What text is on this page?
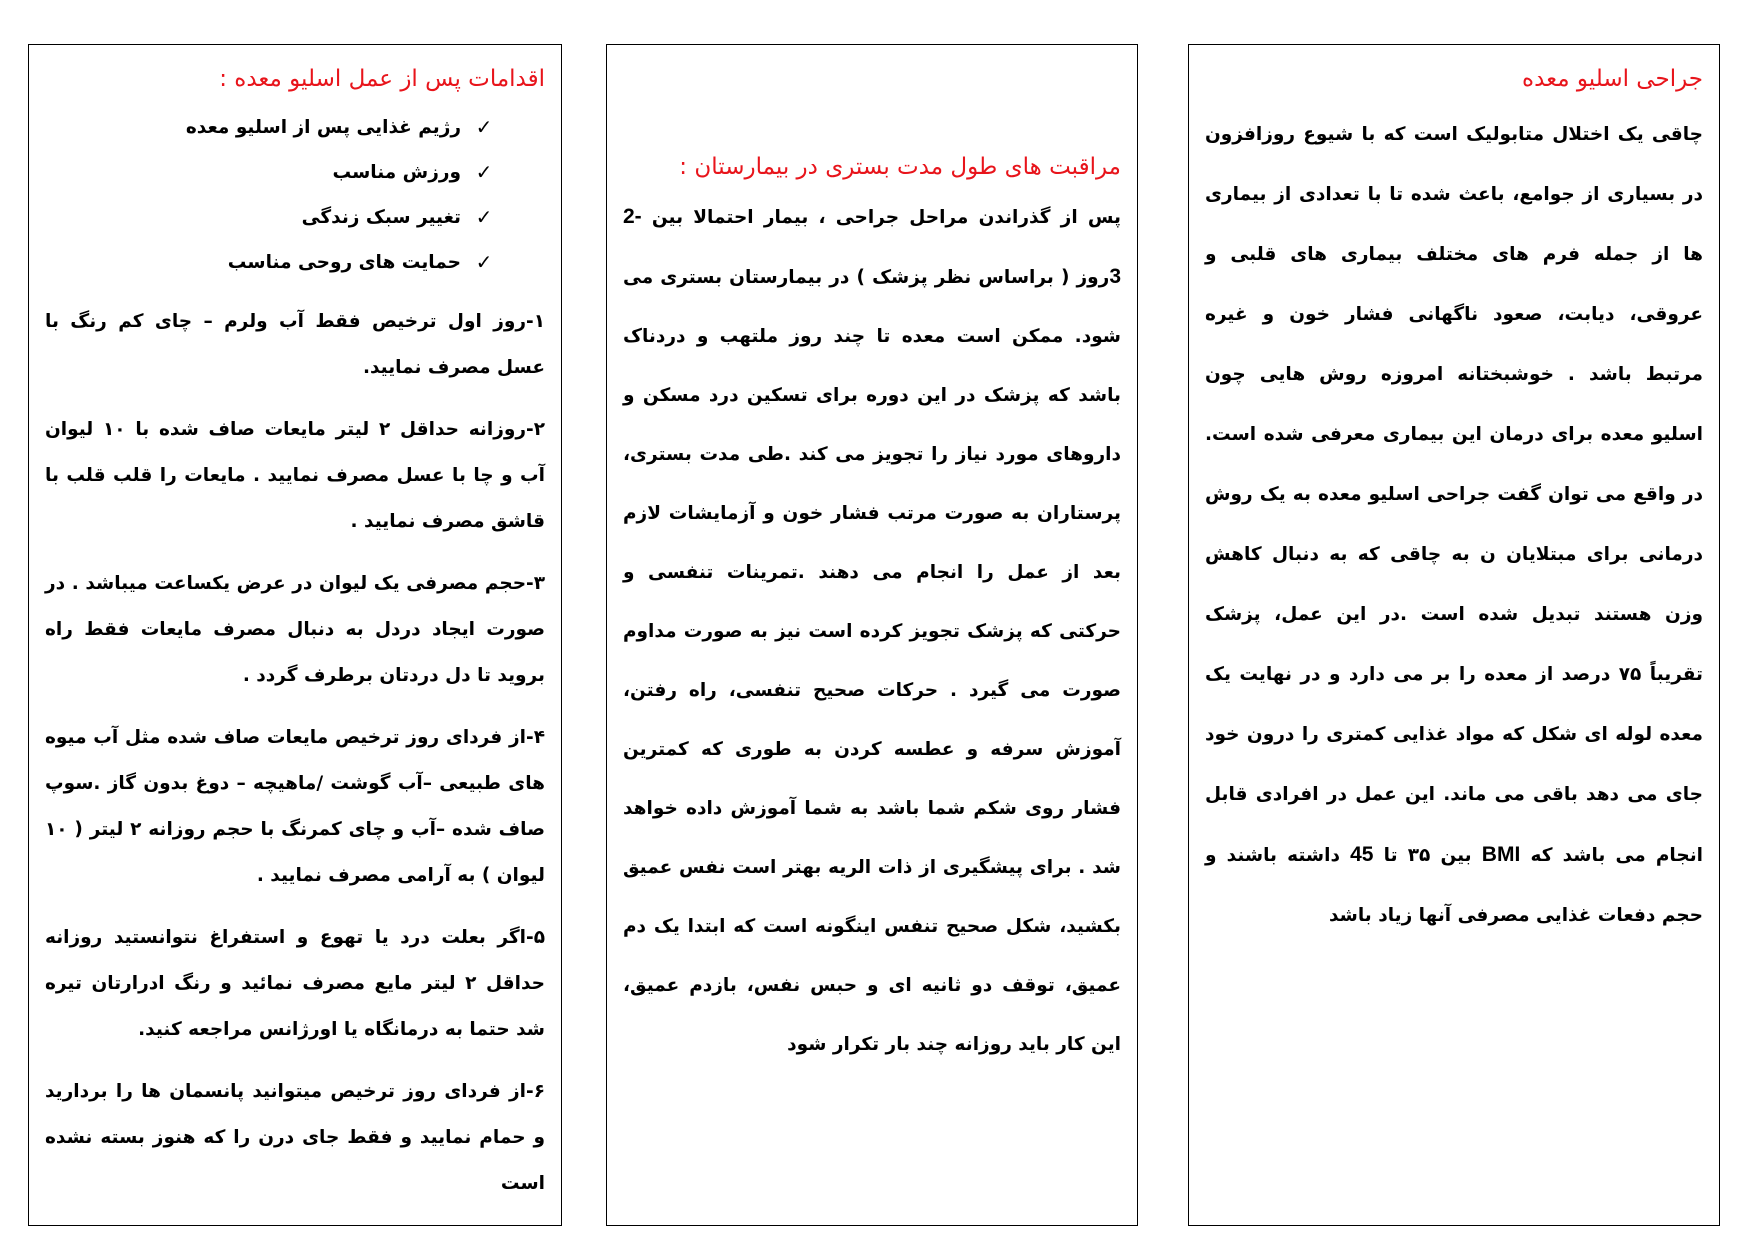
جراحی اسلیو معده

چاقی یک اختلال متابولیک است که با شیوع روزافزون در بسیاری از جوامع، باعث شده تا با تعدادی از بیماری ها از جمله فرم های مختلف بیماری های قلبی و عروقی، دیابت، صعود ناگهانی فشار خون و غیره مرتبط باشد . خوشبختانه امروزه روش هایی چون اسلیو معده برای درمان این بیماری معرفی شده است. در واقع می توان گفت جراحی اسلیو معده به یک روش درمانی برای مبتلایان ن به چاقی که به دنبال کاهش وزن هستند تبدیل شده است .در این عمل، پزشک تقریباً ۷۵ درصد از معده را بر می دارد و در نهایت یک معده لوله ای شکل که مواد غذایی کمتری را درون خود جای می دهد باقی می ماند. این عمل در افرادی قابل انجام می باشد که BMI بین ۳۵ تا 45 داشته باشند و حجم دفعات غذایی مصرفی آنها زیاد باشد

مراقبت های طول مدت بستری در بیمارستان :

پس از گذراندن مراحل جراحی ، بیمار احتمالا بین 2-3روز ( براساس نظر پزشک ) در بیمارستان بستری می شود. ممکن است معده تا چند روز ملتهب و دردناک باشد که پزشک در این دوره برای تسکین درد مسکن و داروهای مورد نیاز را تجویز می کند .طی مدت بستری، پرستاران به صورت مرتب فشار خون و آزمایشات لازم بعد از عمل را انجام می دهند .تمرینات تنفسی و حرکتی که پزشک تجویز کرده است نیز به صورت مداوم صورت می گیرد . حرکات صحیح تنفسی، راه رفتن، آموزش سرفه و عطسه کردن به طوری که کمترین فشار روی شکم شما باشد به شما آموزش داده خواهد شد . برای پیشگیری از ذات الریه بهتر است نفس عمیق بکشید، شکل صحیح تنفس اینگونه است که ابتدا یک دم عمیق، توقف دو ثانیه ای و حبس نفس، بازدم عمیق، این کار باید روزانه چند بار تکرار شود

اقدامات پس از عمل اسلیو معده :
✓
رژیم غذایی پس از اسلیو معده
✓
ورزش مناسب
✓
تغییر سبک زندگی
✓
حمایت های روحی مناسب

۱-روز اول ترخیص فقط آب ولرم – چای کم رنگ با عسل مصرف نمایید.

۲-روزانه حداقل ۲ لیتر مایعات صاف شده با ۱۰ لیوان آب و چا با عسل مصرف نمایید . مایعات را قلب قلب با قاشق مصرف نمایید .

۳-حجم مصرفی یک لیوان در عرض یکساعت میباشد . در صورت ایجاد دردل به دنبال مصرف مایعات فقط راه بروید تا دل دردتان برطرف گردد .

۴-از فردای روز ترخیص مایعات صاف شده مثل آب میوه های طبیعی –آب گوشت /ماهیچه – دوغ بدون گاز .سوپ صاف شده –آب و چای کمرنگ با حجم روزانه ۲ لیتر ( ۱۰ لیوان ) به آرامی مصرف نمایید .

۵-اگر بعلت درد یا تهوع و استفراغ نتوانستید روزانه حداقل ۲ لیتر مایع مصرف نمائید و رنگ ادرارتان تیره شد حتما به درمانگاه یا اورژانس مراجعه کنید.

۶-از فردای روز ترخیص میتوانید پانسمان ها را بردارید و حمام نمایید و فقط جای درن را که هنوز بسته نشده است
